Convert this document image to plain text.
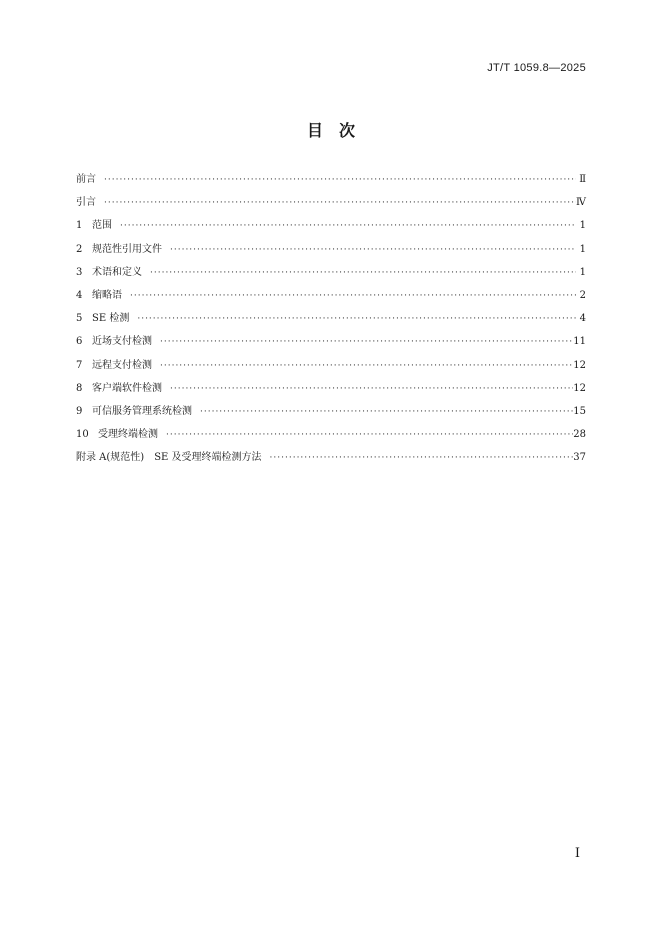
JT/T 1059.8—2025
目　次
前言 ·····	Ⅱ
引言 ·····	Ⅳ
1 范围 ·····	1
2 规范性引用文件 ·····	1
3 术语和定义 ·····	1
4 缩略语 ·····	2
5 SE 检测 ·····	4
6 近场支付检测 ·····	11
7 远程支付检测 ·····	12
8 客户端软件检测 ·····	12
9 可信服务管理系统检测 ·····	15
10 受理终端检测 ·····	28
附录 A(规范性)　SE 及受理终端检测方法 ·····	37
Ⅰ
